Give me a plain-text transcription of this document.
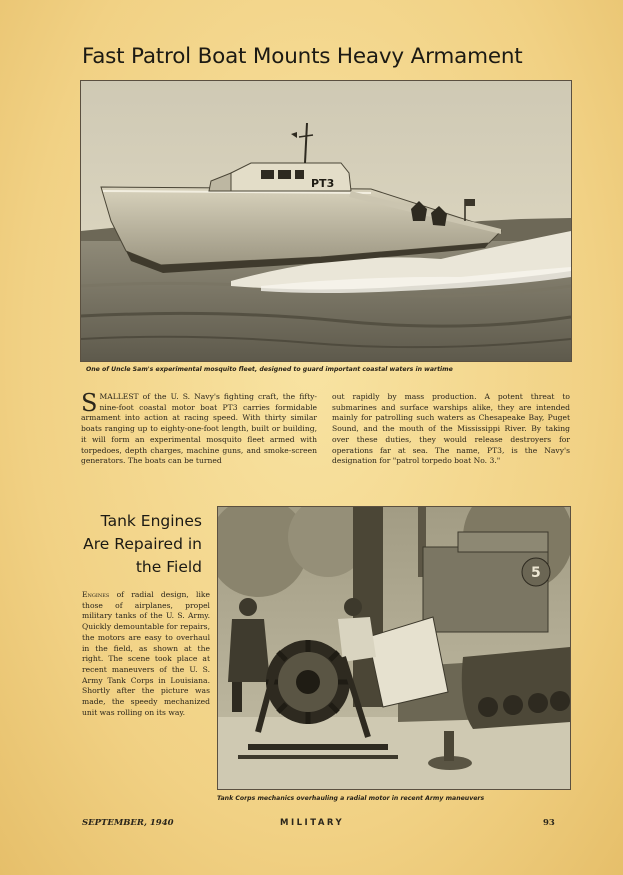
Fast Patrol Boat Mounts Heavy Armament
PT3
One of Uncle Sam's experimental mosquito fleet, designed to guard important coastal waters in wartime
SMALLEST of the U. S. Navy's fighting craft, the fifty-nine-foot coastal motor boat PT3 carries formidable armament into action at racing speed. With thirty similar boats ranging up to eighty-one-foot length, built or building, it will form an experimental mosquito fleet armed with torpedoes, depth charges, machine guns, and smoke-screen generators. The boats can be turned
out rapidly by mass production. A potent threat to submarines and surface warships alike, they are intended mainly for patrolling such waters as Chesapeake Bay, Puget Sound, and the mouth of the Mississippi River. By taking over these duties, they would release destroyers for operations far at sea. The name, PT3, is the Navy's designation for "patrol torpedo boat No. 3."
Tank Engines Are Repaired in the Field
Engines of radial design, like those of airplanes, propel military tanks of the U. S. Army. Quickly demountable for repairs, the motors are easy to overhaul in the field, as shown at the right. The scene took place at recent maneuvers of the U. S. Army Tank Corps in Louisiana. Shortly after the picture was made, the speedy mechanized unit was rolling on its way.
5
Tank Corps mechanics overhauling a radial motor in recent Army maneuvers
SEPTEMBER, 1940	MILITARY	93
